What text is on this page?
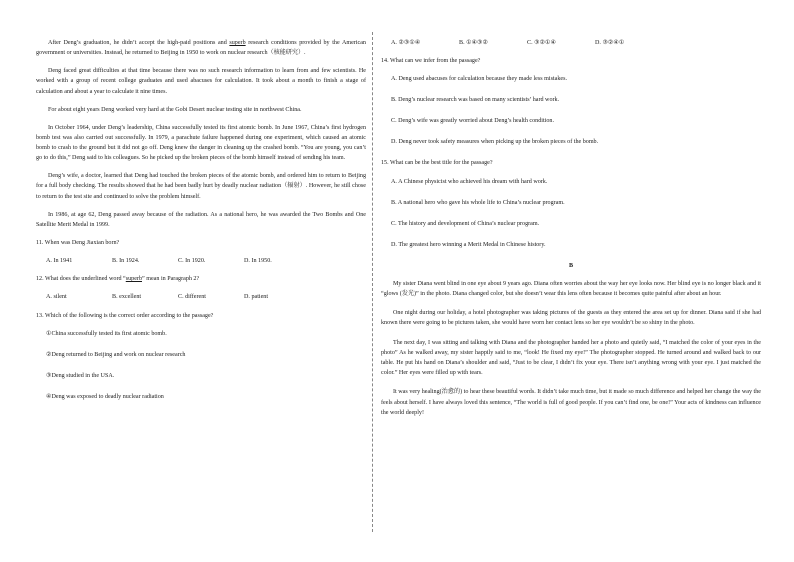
After Deng’s graduation, he didn’t accept the high-paid positions and superb research conditions provided by the American government or universities. Instead, he returned to Beijing in 1950 to work on nuclear research（核能研究）.

Deng faced great difficulties at that time because there was no such research information to learn from and few scientists. He worked with a group of recent college graduates and used abacuses for calculation. It took about a month to finish a stage of calculation and about a year to calculate it nine times.

For about eight years Deng worked very hard at the Gobi Desert nuclear testing site in northwest China.

In October 1964, under Deng’s leadership, China successfully tested its first atomic bomb. In June 1967, China’s first hydrogen bomb test was also carried out successfully. In 1979, a parachute failure happened during one experiment, which caused an atomic bomb to crash to the ground but it did not go off. Deng knew the danger in cleaning up the crashed bomb. “You are young, you can’t go to do this,” Deng said to his colleagues. So he picked up the broken pieces of the bomb himself instead of sending his team.

Deng’s wife, a doctor, learned that Deng had touched the broken pieces of the atomic bomb, and ordered him to return to Beijing for a full body checking. The results showed that he had been badly hurt by deadly nuclear radiation（辐射）. However, he still chose to return to the test site and continued to solve the problem himself.

In 1986, at age 62, Deng passed away because of the radiation. As a national hero, he was awarded the Two Bombs and One Satellite Merit Medal in 1999.

11. When was Deng Jiaxian born?

A. In 1941	B. In 1924.	C. In 1920.	D. In 1950.

12. What does the underlined word “superb” mean in Paragraph 2?

A. silent	B. excellent	C. different	D. patient

13. Which of the following is the correct order according to the passage?

①China successfully tested its first atomic bomb.

②Deng returned to Beijing and work on nuclear research

③Deng studied in the USA.

④Deng was exposed to deadly nuclear radiation

A. ②③①④	B. ①④③②	C. ③②①④	D. ③②④①

14. What can we infer from the passage?

A. Deng used abacuses for calculation because they made less mistakes.

B. Deng’s nuclear research was based on many scientists’ hard work.

C. Deng’s wife was greatly worried about Deng’s health condition.

D. Deng never took safety measures when picking up the broken pieces of the bomb.

15. What can be the best title for the passage?

A. A Chinese physicist who achieved his dream with hard work.

B. A national hero who gave his whole life to China’s nuclear program.

C. The history and development of China’s nuclear program.

D. The greatest hero winning a Merit Medal in Chinese history.

B

My sister Diana went blind in one eye about 9 years ago. Diana often worries about the way her eye looks now. Her blind eye is no longer black and it “glows (发光)” in the photo. Diana changed color, but she doesn’t wear this lens often because it becomes quite painful after about an hour.

One night during our holiday, a hotel photographer was taking pictures of the guests as they entered the area set up for dinner. Diana said if she had known there were going to be pictures taken, she would have worn her contact lens so her eye wouldn’t be so shiny in the photo.

The next day, I was sitting and talking with Diana and the photographer handed her a photo and quietly said, “I matched the color of your eyes in the photo” As he walked away, my sister happily said to me, “look! He fixed my eye!” The photographer stopped. He turned around and walked back to our table. He put his hand on Diana’s shoulder and said, “Just to be clear, I didn’t fix your eye. There isn’t anything wrong with your eye. I just matched the color.” Her eyes were filled up with tears.

It was very healing(治愈的) to hear these beautiful words. It didn’t take much time, but it made so much difference and helped her change the way the feels about herself. I have always loved this sentence, “The world is full of good people. If you can’t find one, be one!” Your acts of kindness can influence the world deeply!
